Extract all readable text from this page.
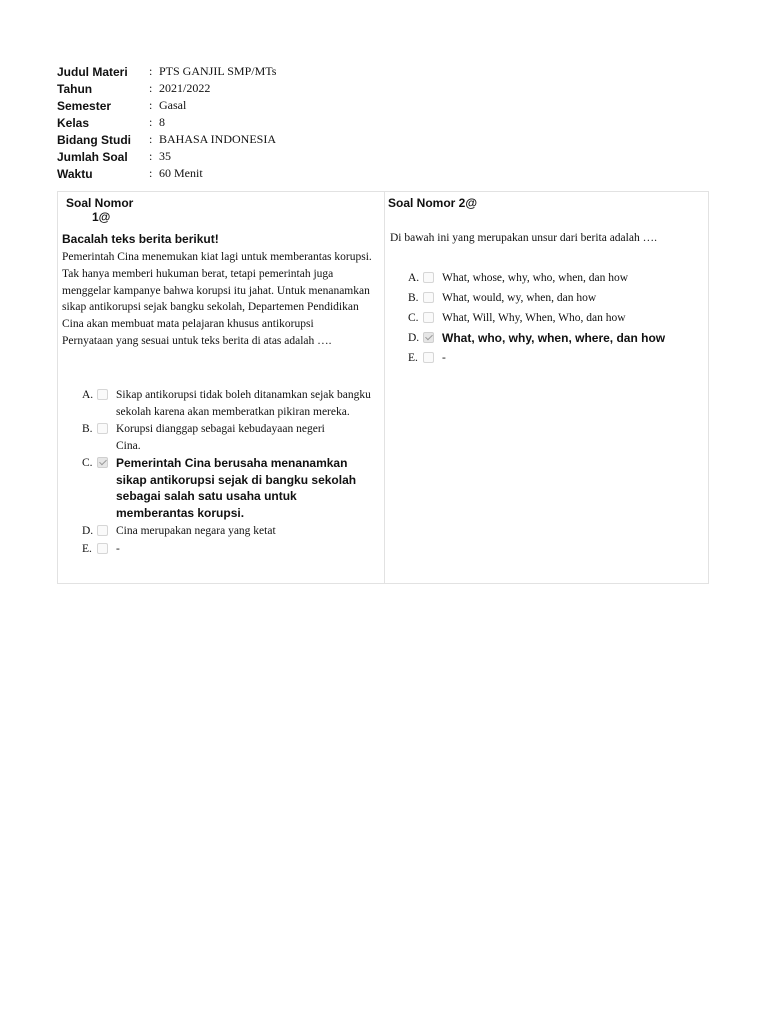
Judul Materi	: PTS GANJIL SMP/MTs
Tahun	: 2021/2022
Semester	: Gasal
Kelas	: 8
Bidang Studi	: BAHASA INDONESIA
Jumlah Soal	: 35
Waktu	: 60 Menit
Soal Nomor
1@
Bacalah teks berita berikut!
Pemerintah Cina menemukan kiat lagi untuk memberantas korupsi. Tak hanya memberi hukuman berat, tetapi pemerintah juga menggelar kampanye bahwa korupsi itu jahat. Untuk menanamkan sikap antikorupsi sejak bangku sekolah, Departemen Pendidikan Cina akan membuat mata pelajaran khusus antikorupsi
Pernyataan yang sesuai untuk teks berita di atas adalah ….
A. Sikap antikorupsi tidak boleh ditanamkan sejak bangku sekolah karena akan memberatkan pikiran mereka.
B.	Korupsi dianggap sebagai kebudayaan negeri Cina.
C. Pemerintah Cina berusaha menanamkan sikap antikorupsi sejak di bangku sekolah sebagai salah satu usaha untuk memberantas korupsi.
D. Cina merupakan negara yang ketat
E.	-
Soal Nomor 2@
Di bawah ini yang merupakan unsur dari berita adalah ….
A. What, whose, why, who, when, dan how
B.	What, would, wy, when, dan how
C.	What, Will, Why, When, Who, dan how
D. What, who, why, when, where, dan how
E.	-
